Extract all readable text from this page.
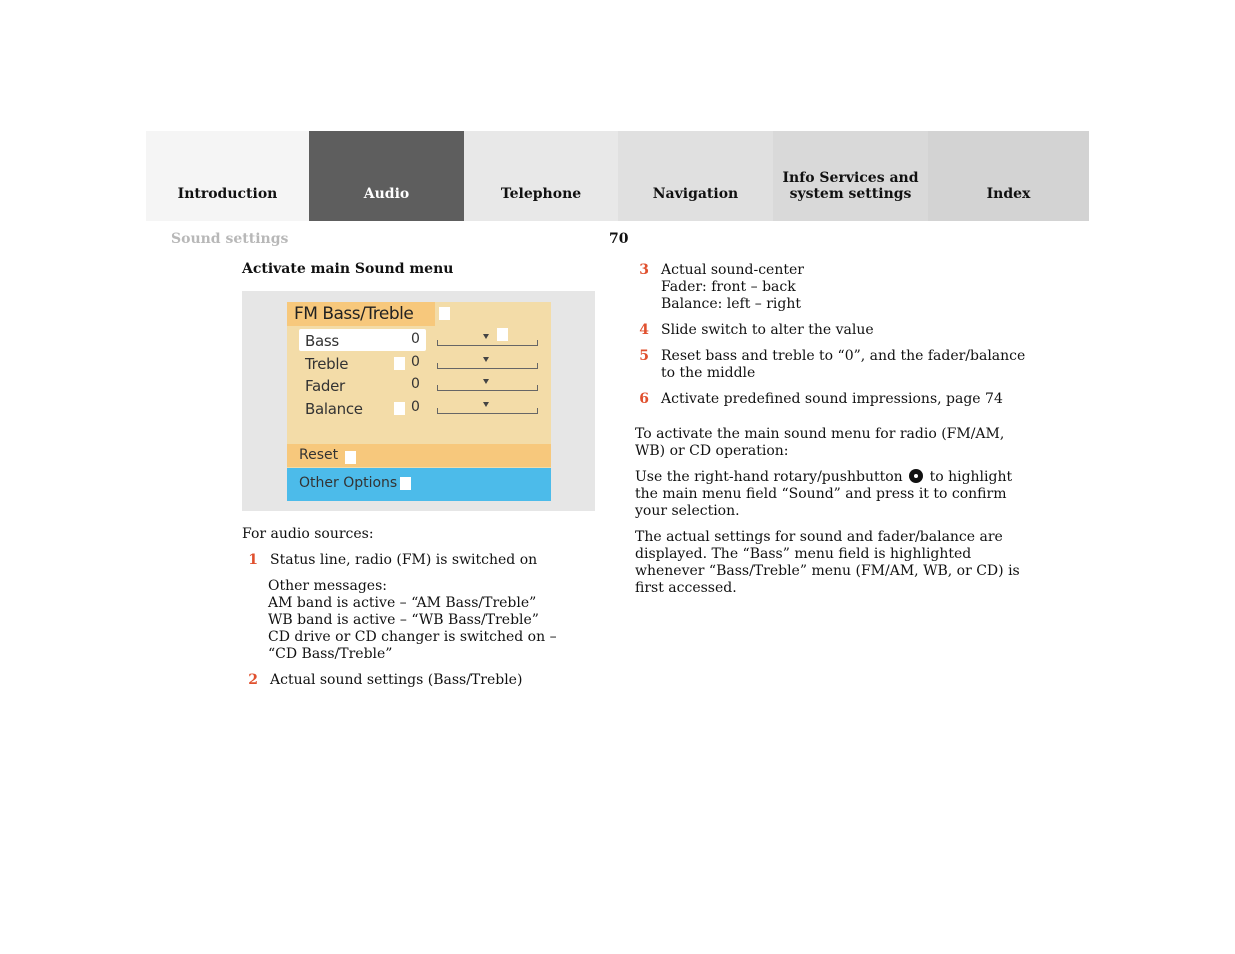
Introduction	Audio	Telephone	Navigation
Info Services and
system settings	Index
Sound settings	70
Activate main Sound menu
FM Bass/Treble
Bass	0
Treble	0
Fader	0
Balance	0
Reset
Other Options
For audio sources:
1 Status line, radio (FM) is switched on
Other messages:
AM band is active – “AM Bass/Treble”
WB band is active – “WB Bass/Treble”
CD drive or CD changer is switched on –
“CD Bass/Treble”
2 Actual sound settings (Bass/Treble)
3 Actual sound-center
Fader: front – back
Balance: left – right
4 Slide switch to alter the value
5 Reset bass and treble to “0”, and the fader/balance
to the middle
6 Activate predefined sound impressions, page 74
To activate the main sound menu for radio (FM/AM,
WB) or CD operation:
Use the right-hand rotary/pushbutton to highlight
the main menu field “Sound” and press it to confirm
your selection.
The actual settings for sound and fader/balance are
displayed. The “Bass” menu field is highlighted
whenever “Bass/Treble” menu (FM/AM, WB, or CD) is
first accessed.
